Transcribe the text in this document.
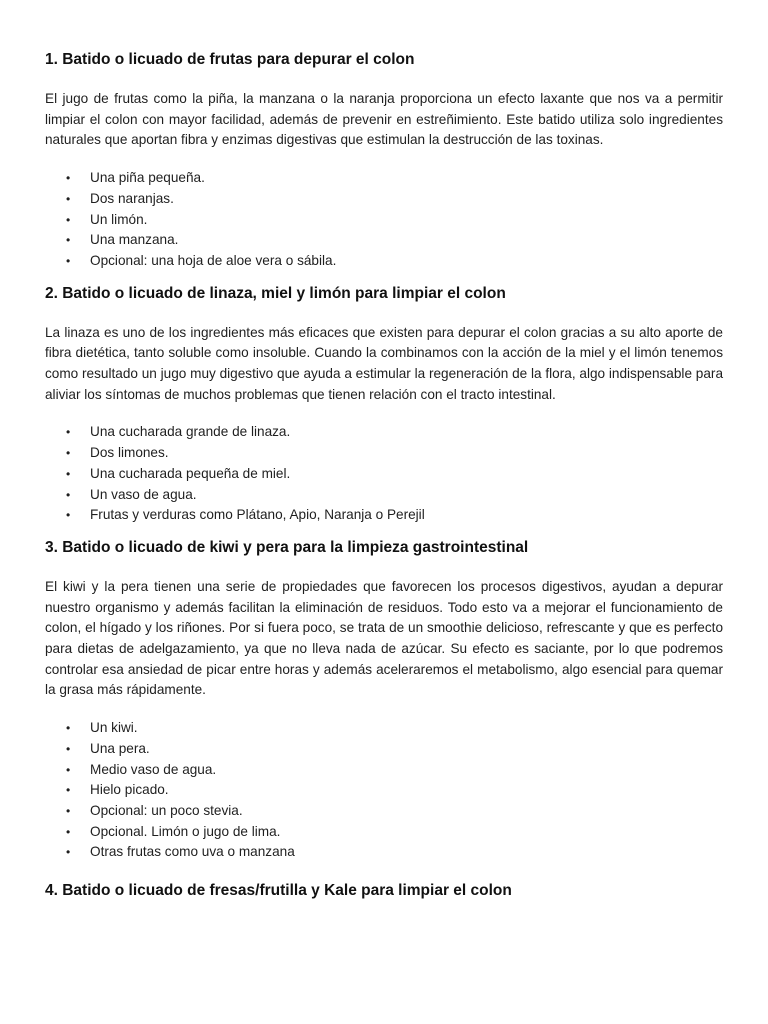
1. Batido o licuado de frutas para depurar el colon

El jugo de frutas como la piña, la manzana o la naranja proporciona un efecto laxante que nos va a permitir limpiar el colon con mayor facilidad, además de prevenir en estreñimiento. Este batido utiliza solo ingredientes naturales que aportan fibra y enzimas digestivas que estimulan la destrucción de las toxinas.

• Una piña pequeña.
• Dos naranjas.
• Un limón.
• Una manzana.
• Opcional: una hoja de aloe vera o sábila.
2. Batido o licuado de linaza, miel y limón para limpiar el colon

La linaza es uno de los ingredientes más eficaces que existen para depurar el colon gracias a su alto aporte de fibra dietética, tanto soluble como insoluble. Cuando la combinamos con la acción de la miel y el limón tenemos como resultado un jugo muy digestivo que ayuda a estimular la regeneración de la flora, algo indispensable para aliviar los síntomas de muchos problemas que tienen relación con el tracto intestinal.

• Una cucharada grande de linaza.
• Dos limones.
• Una cucharada pequeña de miel.
• Un vaso de agua.
• Frutas y verduras como Plátano, Apio, Naranja o Perejil
3. Batido o licuado de kiwi y pera para la limpieza gastrointestinal

El kiwi y la pera tienen una serie de propiedades que favorecen los procesos digestivos, ayudan a depurar nuestro organismo y además facilitan la eliminación de residuos. Todo esto va a mejorar el funcionamiento de colon, el hígado y los riñones. Por si fuera poco, se trata de un smoothie delicioso, refrescante y que es perfecto para dietas de adelgazamiento, ya que no lleva nada de azúcar. Su efecto es saciante, por lo que podremos controlar esa ansiedad de picar entre horas y además aceleraremos el metabolismo, algo esencial para quemar la grasa más rápidamente.

• Un kiwi.
• Una pera.
• Medio vaso de agua.
• Hielo picado.
• Opcional: un poco stevia.
• Opcional. Limón o jugo de lima.
• Otras frutas como uva o manzana
4. Batido o licuado de fresas/frutilla y Kale para limpiar el colon
